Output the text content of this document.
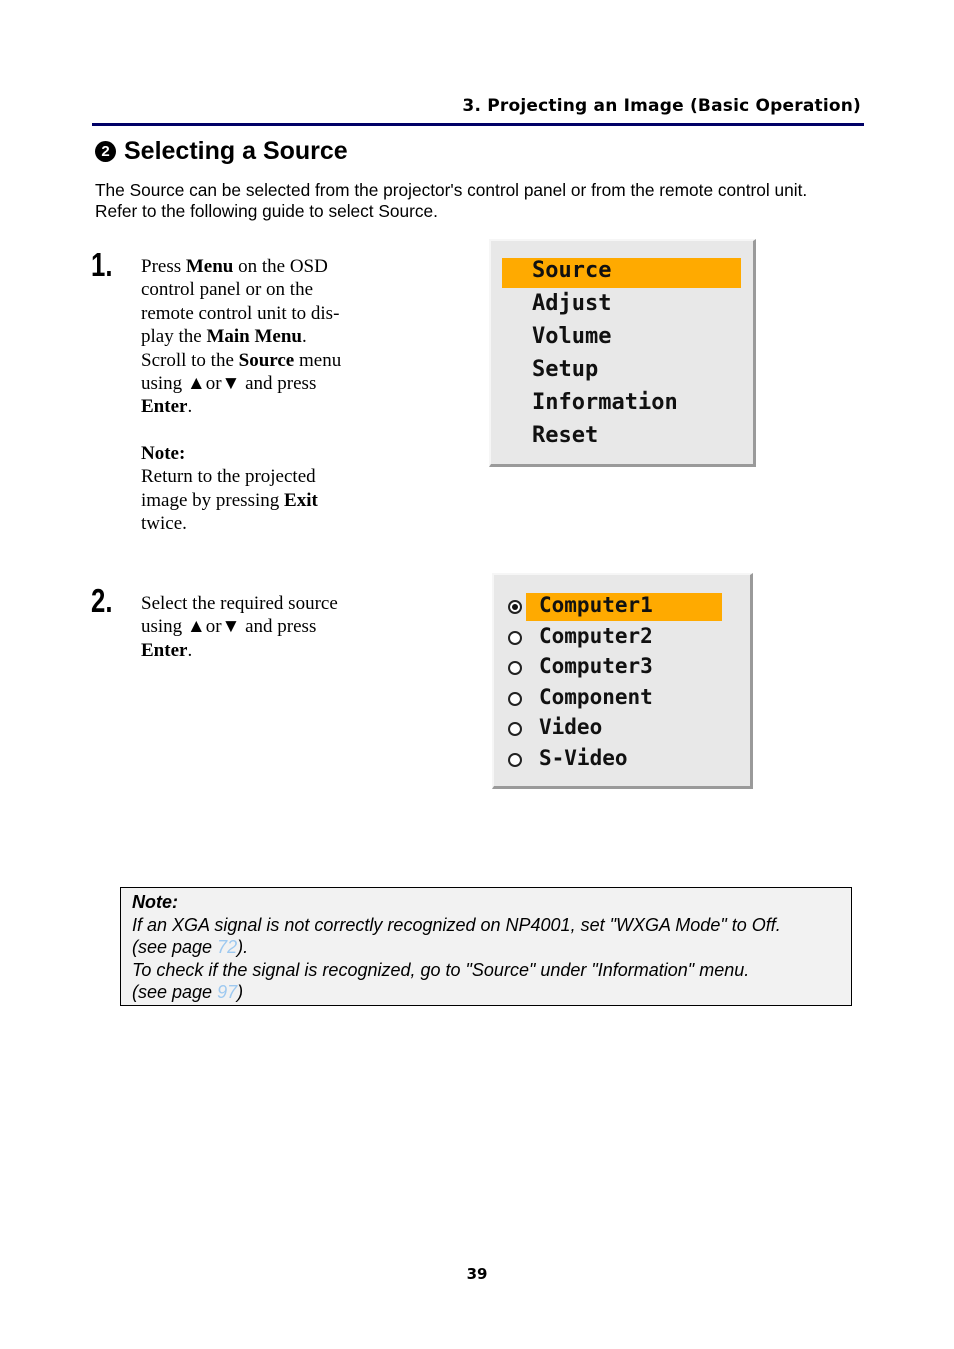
3. Projecting an Image (Basic Operation)
2 Selecting a Source
The Source can be selected from the projector's control panel or from the remote control unit.
Refer to the following guide to select Source.
1. Press Menu on the OSD
control panel or on the
remote control unit to dis-
play the Main Menu.
Scroll to the Source menu
using ▲or▼ and press
Enter.
Note:
Return to the projected
image by pressing Exit
twice.
2. Select the required source
using ▲or▼ and press
Enter.
Source
Adjust
Volume
Setup
Information
Reset
Computer1
Computer2
Computer3
Component
Video
S-Video
Note:
If an XGA signal is not correctly recognized on NP4001, set "WXGA Mode" to Off.
(see page 72).
To check if the signal is recognized, go to "Source" under "Information" menu.
(see page 97)
39
